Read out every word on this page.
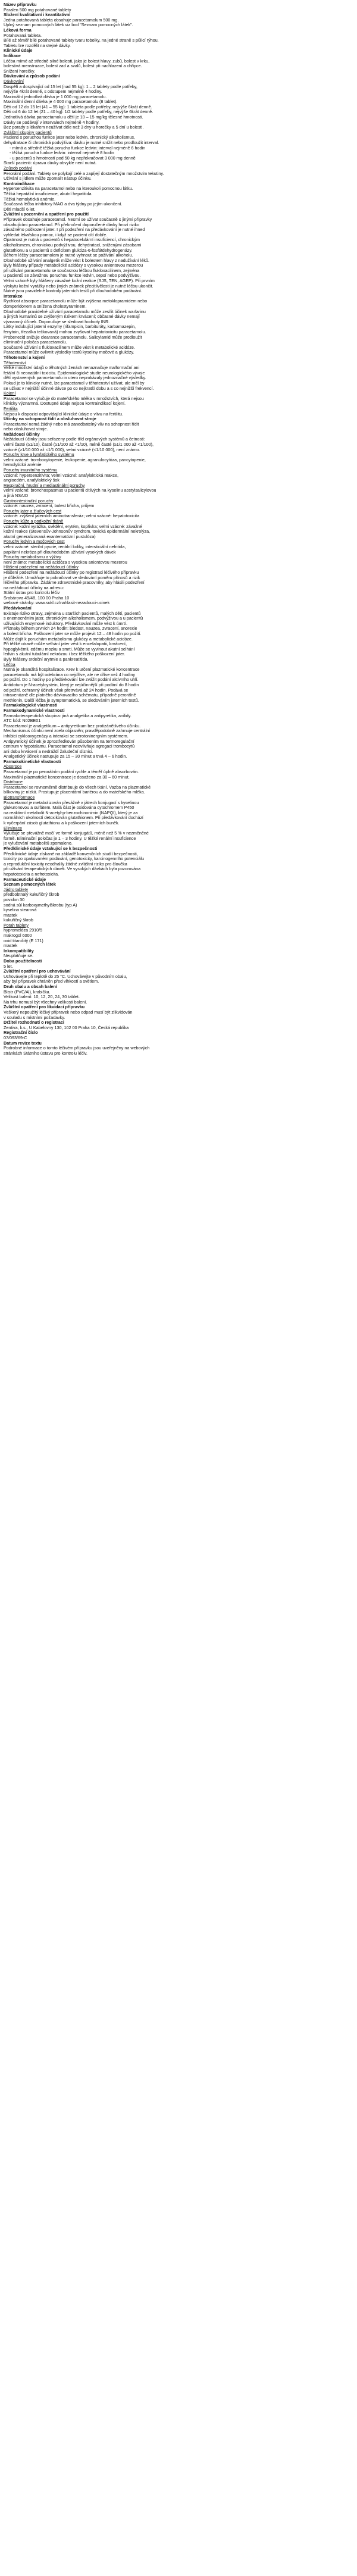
Název přípravku
Paralen 500 mg potahované tablety
Složení kvalitativní i kvantitativní
Jedna potahovaná tableta obsahuje paracetamolum 500 mg.
Úplný seznam pomocných látek viz bod "Seznam pomocných látek".
Léková forma
Potahovaná tableta.
Bílé až téměř bílé potahované tablety tvaru tobolky, na jedné straně s půlicí rýhou.
Tabletu lze rozdělit na stejné dávky.
Klinické údaje
Indikace
Léčba mírné až středně silné bolesti, jako je bolest hlavy, zubů, bolest v krku,
bolestivá menstruace, bolest zad a svalů, bolest při nachlazení a chřipce.
Snížení horečky.
Dávkování a způsob podání
Dávkování
Dospělí a dospívající od 15 let (nad 55 kg): 1 – 2 tablety podle potřeby,
nejvýše 4krát denně, s odstupem nejméně 4 hodiny.
Maximální jednotlivá dávka je 1 000 mg paracetamolu.
Maximální denní dávka je 4 000 mg paracetamolu (8 tablet).
Děti od 12 do 15 let (41 – 55 kg): 1 tableta podle potřeby, nejvýše 6krát denně.
Děti od 6 do 12 let (21 – 40 kg): 1/2 tablety podle potřeby, nejvýše 6krát denně.
Jednotlivá dávka paracetamolu u dětí je 10 – 15 mg/kg tělesné hmotnosti.
Dávky se podávají v intervalech nejméně 4 hodiny.
Bez porady s lékařem neužívat déle než 3 dny u horečky a 5 dní u bolesti.
Zvláštní skupiny pacientů
Pacienti s poruchou funkce jater nebo ledvin, chronický alkoholismus,
dehydratace či chronická podvýživa: dávku je nutné snížit nebo prodloužit interval.
- mírná a středně těžká porucha funkce ledvin: interval nejméně 6 hodin
- těžká porucha funkce ledvin: interval nejméně 8 hodin
- u pacientů s hmotností pod 50 kg nepřekračovat 3 000 mg denně
Starší pacienti: úprava dávky obvykle není nutná.
Způsob podání
Perorální podání. Tablety se polykají celé a zapíjejí dostatečným množstvím tekutiny.
Užívání s jídlem může zpomalit nástup účinku.
Kontraindikace
Hypersenzitivita na paracetamol nebo na kteroukoli pomocnou látku.
Těžká hepatální insuficience, akutní hepatitida.
Těžká hemolytická anémie.
Současná léčba inhibitory MAO a dva týdny po jejím ukončení.
Děti mladší 6 let.
Zvláštní upozornění a opatření pro použití
Přípravek obsahuje paracetamol. Nesmí se užívat současně s jinými přípravky
obsahujícími paracetamol. Při překročení doporučené dávky hrozí riziko
závažného poškození jater. I při podezření na předávkování je nutné ihned
vyhledat lékařskou pomoc, i když se pacient cítí dobře.
Opatrnost je nutná u pacientů s hepatocelulární insuficiencí, chronickým
alkoholismem, chronickou podvýživou, dehydratací, sníženými zásobami
glutathionu a u pacientů s deficitem glukóza-6-fosfátdehydrogenázy.
Během léčby paracetamolem je nutné vyhnout se požívání alkoholu.
Dlouhodobé užívání analgetik může vést k bolestem hlavy z nadužívání léků.
Byly hlášeny případy metabolické acidózy s vysokou aniontovou mezerou
při užívání paracetamolu se současnou léčbou flukloxacilinem, zejména
u pacientů se závažnou poruchou funkce ledvin, sepsí nebo podvýživou.
Velmi vzácně byly hlášeny závažné kožní reakce (SJS, TEN, AGEP). Při prvním
výskytu kožní vyrážky nebo jiných známek přecitlivělosti je nutné léčbu ukončit.
Nutné jsou pravidelné kontroly jaterních testů při dlouhodobém podávání.
Interakce
Rychlost absorpce paracetamolu může být zvýšena metoklopramidem nebo
domperidonem a snížena cholestyraminem.
Dlouhodobé pravidelné užívání paracetamolu může zesílit účinek warfarinu
a jiných kumarinů se zvýšeným rizikem krvácení; občasné dávky nemají
významný účinek. Doporučuje se sledovat hodnoty INR.
Látky indukující jaterní enzymy (rifampicin, barbituráty, karbamazepin,
fenytoin, třezalka tečkovaná) mohou zvyšovat hepatotoxicitu paracetamolu.
Probenecid snižuje clearance paracetamolu. Salicylamid může prodloužit
eliminační poločas paracetamolu.
Současné užívání s flukloxacilinem může vést k metabolické acidóze.
Paracetamol může ovlivnit výsledky testů kyseliny močové a glukózy.
Těhotenství a kojení
Těhotenství
Velké množství údajů o těhotných ženách nenaznačuje malformační ani
fetální či neonatální toxicitu. Epidemiologické studie neurologického vývoje
dětí vystavených paracetamolu in utero neprokázaly jednoznačné výsledky.
Pokud je to klinicky nutné, lze paracetamol v těhotenství užívat, ale měl by
se užívat v nejnižší účinné dávce po co nejkratší dobu a s co nejnižší frekvencí.
Kojení
Paracetamol se vylučuje do mateřského mléka v množstvích, která nejsou
klinicky významná. Dostupné údaje nejsou kontraindikací kojení.
Fertilita
Nejsou k dispozici odpovídající klinické údaje o vlivu na fertilitu.
Účinky na schopnost řídit a obsluhovat stroje
Paracetamol nemá žádný nebo má zanedbatelný vliv na schopnost řídit
nebo obsluhovat stroje.
Nežádoucí účinky
Nežádoucí účinky jsou seřazeny podle tříd orgánových systémů a četnosti:
velmi časté (≥1/10), časté (≥1/100 až <1/10), méně časté (≥1/1 000 až <1/100),
vzácné (≥1/10 000 až <1/1 000), velmi vzácné (<1/10 000), není známo.
Poruchy krve a lymfatického systému
velmi vzácné: trombocytopenie, leukopenie, agranulocytóza, pancytopenie,
hemolytická anémie
Poruchy imunitního systému
vzácné: hypersenzitivita; velmi vzácné: anafylaktická reakce,
angioedém, anafylaktický šok
Respirační, hrudní a mediastinální poruchy
velmi vzácné: bronchospasmus u pacientů citlivých na kyselinu acetylsalicylovou
a jiná NSAID
Gastrointestinální poruchy
vzácné: nauzea, zvracení, bolest břicha, průjem
Poruchy jater a žlučových cest
vzácné: zvýšení jaterních aminotransferáz; velmi vzácné: hepatotoxicita
Poruchy kůže a podkožní tkáně
vzácné: kožní vyrážka, svědění, erytém, kopřivka; velmi vzácné: závažné
kožní reakce (Stevensův-Johnsonův syndrom, toxická epidermální nekrolýza,
akutní generalizovaná exantematózní pustulóza)
Poruchy ledvin a močových cest
velmi vzácné: sterilní pyurie, renální koliky, intersticiální nefritida,
papilární nekróza při dlouhodobém užívání vysokých dávek
Poruchy metabolismu a výživy
není známo: metabolická acidóza s vysokou aniontovou mezerou
Hlášení podezření na nežádoucí účinky
Hlášení podezření na nežádoucí účinky po registraci léčivého přípravku
je důležité. Umožňuje to pokračovat ve sledování poměru přínosů a rizik
léčivého přípravku. Žádáme zdravotnické pracovníky, aby hlásili podezření
na nežádoucí účinky na adresu:
Státní ústav pro kontrolu léčiv
Šrobárova 49/48, 100 00 Praha 10
webové stránky: www.sukl.cz/nahlasit-nezadouci-ucinek
Předávkování
Existuje riziko otravy, zejména u starších pacientů, malých dětí, pacientů
s onemocněním jater, chronickým alkoholismem, podvýživou a u pacientů
užívajících enzymové induktory. Předávkování může vést k úmrtí.
Příznaky během prvních 24 hodin: bledost, nauzea, zvracení, anorexie
a bolest břicha. Poškození jater se může projevit 12 – 48 hodin po požití.
Může dojít k poruchám metabolismu glukózy a metabolické acidóze.
Při těžké otravě může selhání jater vést k encefalopatii, krvácení,
hypoglykémii, edému mozku a smrti. Může se vyvinout akutní selhání
ledvin s akutní tubulární nekrózou i bez těžkého poškození jater.
Byly hlášeny srdeční arytmie a pankreatitida.
Léčba
Nutná je okamžitá hospitalizace. Krev k určení plazmatické koncentrace
paracetamolu má být odebrána co nejdříve, ale ne dříve než 4 hodiny
po požití. Do 1 hodiny po předávkování lze zvážit podání aktivního uhlí.
Antidotum je N-acetylcystein, který je nejúčinnější při podání do 8 hodin
od požití, ochranný účinek však přetrvává až 24 hodin. Podává se
intravenózně dle platného dávkovacího schématu, případně perorálně
methionin. Další léčba je symptomatická, se sledováním jaterních testů.
Farmakologické vlastnosti
Farmakodynamické vlastnosti
Farmakoterapeutická skupina: jiná analgetika a antipyretika, anilidy.
ATC kód: N02BE01
Paracetamol je analgetikum – antipyretikum bez protizánětlivého účinku.
Mechanismus účinku není zcela objasněn; pravděpodobně zahrnuje centrální
inhibici cyklooxygenázy a interakci se serotoninergním systémem.
Antipyretický účinek je zprostředkován působením na termoregulační
centrum v hypotalamu. Paracetamol neovlivňuje agregaci trombocytů
ani dobu krvácení a nedráždí žaludeční sliznici.
Analgetický účinek nastupuje za 15 – 30 minut a trvá 4 – 6 hodin.
Farmakokinetické vlastnosti
Absorpce
Paracetamol je po perorálním podání rychle a téměř úplně absorbován.
Maximální plazmatické koncentrace je dosaženo za 30 – 60 minut.
Distribuce
Paracetamol se rovnoměrně distribuuje do všech tkání. Vazba na plazmatické
bílkoviny je nízká. Prostupuje placentární bariérou a do mateřského mléka.
Biotransformace
Paracetamol je metabolizován převážně v játrech konjugací s kyselinou
glukuronovou a sulfátem. Malá část je oxidována cytochromem P450
na reaktivní metabolit N-acetyl-p-benzochinonimin (NAPQI), který je za
normálních okolností detoxikován glutathionem. Při předávkování dochází
k vyčerpání zásob glutathionu a k poškození jaterních buněk.
Eliminace
Vylučuje se převážně močí ve formě konjugátů, méně než 5 % v nezměněné
formě. Eliminační poločas je 1 – 3 hodiny. U těžké renální insuficience
je vylučování metabolitů zpomaleno.
Předklinické údaje vztahující se k bezpečnosti
Předklinické údaje získané na základě konvenčních studií bezpečnosti,
toxicity po opakovaném podávání, genotoxicity, karcinogenního potenciálu
a reprodukční toxicity neodhalily žádné zvláštní riziko pro člověka
při užívání terapeutických dávek. Ve vysokých dávkách byla pozorována
hepatotoxicita a nefrotoxicita.
Farmaceutické údaje
Seznam pomocných látek
Jádro tablety
předbobtnalý kukuřičný škrob
povidon 30
sodná sůl karboxymethylškrobu (typ A)
kyselina stearová
mastek
kukuřičný škrob
Potah tablety
hypromelóza 2910/5
makrogol 6000
oxid titaničitý (E 171)
mastek
Inkompatibility
Neuplatňuje se.
Doba použitelnosti
5 let.
Zvláštní opatření pro uchovávání
Uchovávejte při teplotě do 25 °C. Uchovávejte v původním obalu,
aby byl přípravek chráněn před vlhkostí a světlem.
Druh obalu a obsah balení
Blistr (PVC/Al), krabička.
Velikost balení: 10, 12, 20, 24, 30 tablet.
Na trhu nemusí být všechny velikosti balení.
Zvláštní opatření pro likvidaci přípravku
Veškerý nepoužitý léčivý přípravek nebo odpad musí být zlikvidován
v souladu s místními požadavky.
Držitel rozhodnutí o registraci
Zentiva, k.s., U Kabelovny 130, 102 00 Praha 10, Česká republika
Registrační číslo
07/093/69-C
Datum revize textu
Podrobné informace o tomto léčivém přípravku jsou uveřejněny na webových
stránkách Státního ústavu pro kontrolu léčiv.
